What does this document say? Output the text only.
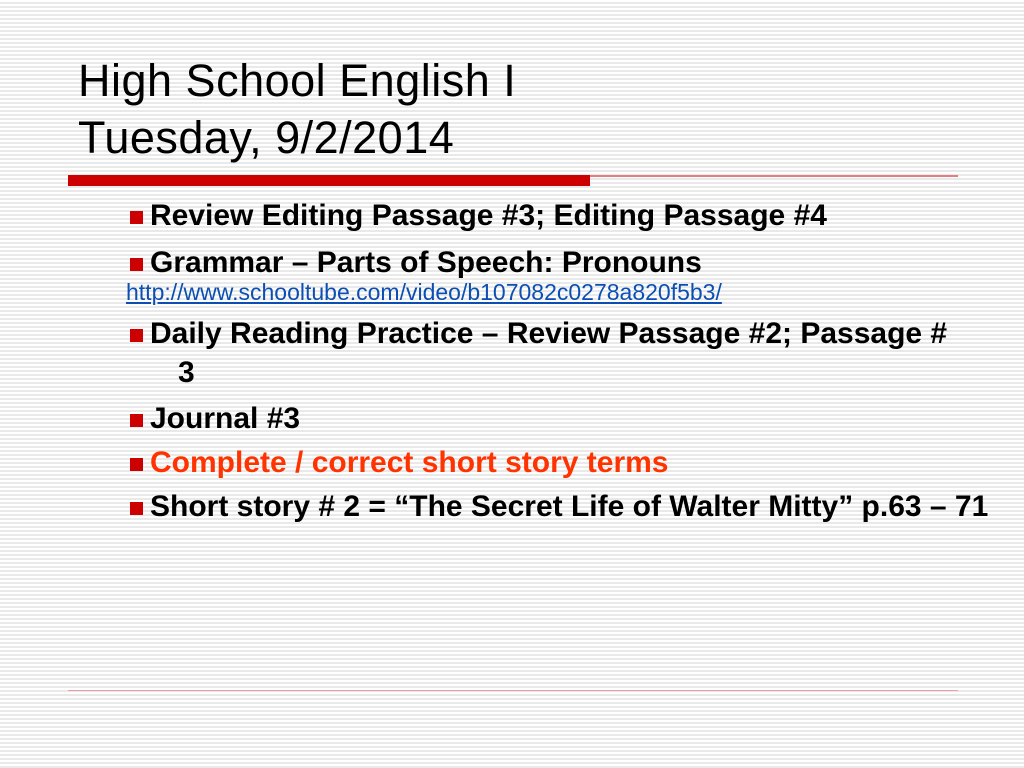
High School English I
Tuesday, 9/2/2014
Review Editing Passage #3; Editing Passage #4
Grammar – Parts of Speech: Pronouns
http://www.schooltube.com/video/b107082c0278a820f5b3/
Daily Reading Practice – Review Passage #2; Passage # 3
Journal #3
Complete / correct short story terms
Short story # 2 = “The Secret Life of Walter Mitty” p.63 – 71
